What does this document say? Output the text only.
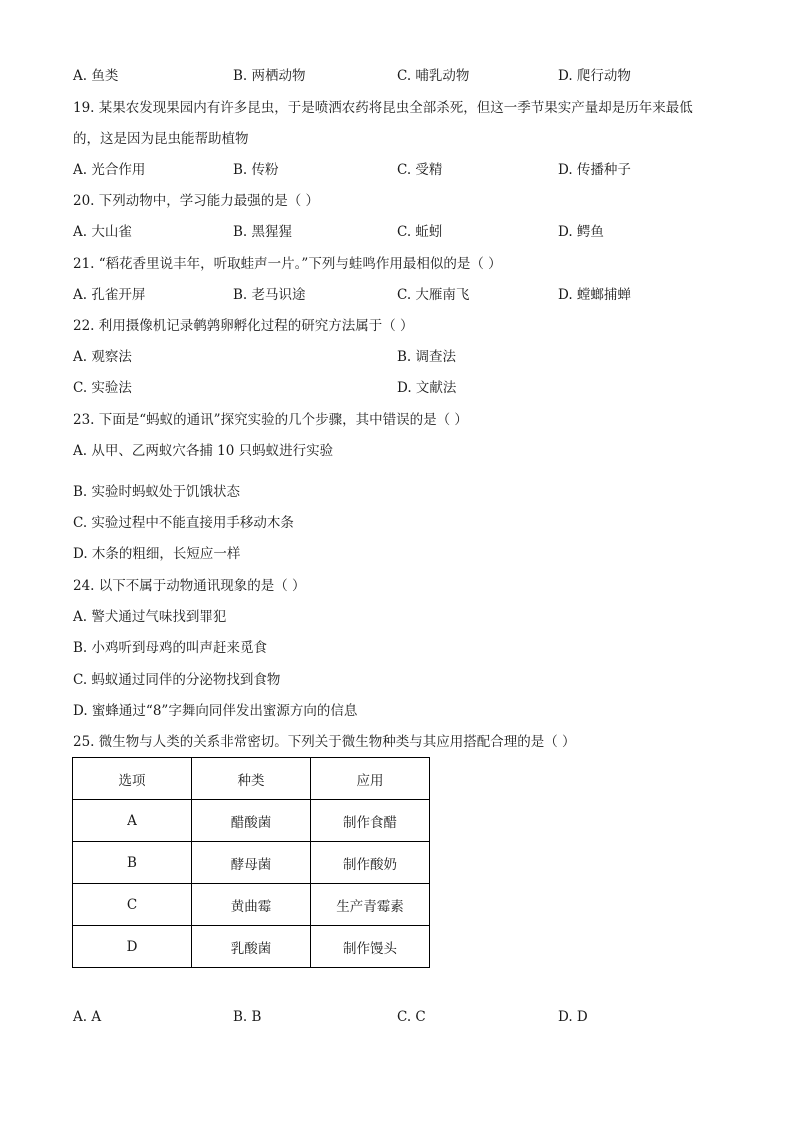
A. 鱼类	B. 两栖动物	C. 哺乳动物	D. 爬行动物
19. 某果农发现果园内有许多昆虫，于是喷洒农药将昆虫全部杀死，但这一季节果实产量却是历年来最低
的，这是因为昆虫能帮助植物
A. 光合作用	B. 传粉	C. 受精	D. 传播种子
20. 下列动物中，学习能力最强的是（ ）
A. 大山雀	B. 黑猩猩	C. 蚯蚓	D. 鳄鱼
21. “稻花香里说丰年，听取蛙声一片。”下列与蛙鸣作用最相似的是（ ）
A. 孔雀开屏	B. 老马识途	C. 大雁南飞	D. 螳螂捕蝉
22. 利用摄像机记录鹌鹑卵孵化过程的研究方法属于（ ）
A. 观察法	B. 调查法
C. 实验法	D. 文献法
23. 下面是“蚂蚁的通讯”探究实验的几个步骤，其中错误的是（ ）
A. 从甲、乙两蚁穴各捕 10 只蚂蚁进行实验
B. 实验时蚂蚁处于饥饿状态
C. 实验过程中不能直接用手移动木条
D. 木条的粗细，长短应一样
24. 以下不属于动物通讯现象的是（ ）
A. 警犬通过气味找到罪犯
B. 小鸡听到母鸡的叫声赶来觅食
C. 蚂蚁通过同伴的分泌物找到食物
D. 蜜蜂通过“8”字舞向同伴发出蜜源方向的信息
25. 微生物与人类的关系非常密切。下列关于微生物种类与其应用搭配合理的是（ ）
选项	种类	应用
A	醋酸菌	制作食醋
B	酵母菌	制作酸奶
C	黄曲霉	生产青霉素
D	乳酸菌	制作馒头
A. A	B. B	C. C	D. D
